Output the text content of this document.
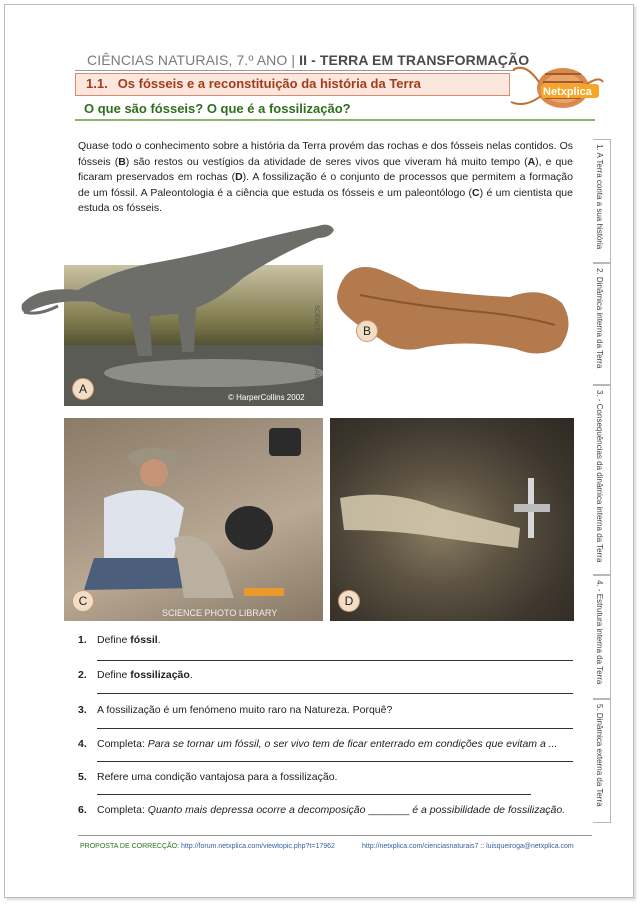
CIÊNCIAS NATURAIS, 7.º ANO | II - TERRA EM TRANSFORMAÇÃO
1.1. Os fósseis e a reconstituição da história da Terra
O que são fósseis? O que é a fossilização?
Netxplica
Quase todo o conhecimento sobre a história da Terra provém das rochas e dos fósseis nelas contidos. Os fósseis (B) são restos ou vestígios da atividade de seres vivos que viveram há muito tempo (A), e que ficaram preservados em rochas (D). A fossilização é o conjunto de processos que permitem a formação de um fóssil. A Paleontologia é a ciência que estuda os fósseis e um paleontólogo (C) é um cientista que estuda os fósseis.
A
© HarperCollins 2002
SCIENCE PHOTO LIBRARY	B
C
SCIENCE PHOTO LIBRARY
D
1. A Terra conta a sua história
2. Dinâmica interna da Terra
3. - Consequências da dinâmica interna da Terra
4. - Estrutura interna da Terra
5. Dinâmica externa da Terra
1. Define fóssil.
2. Define fossilização.
3. A fossilização é um fenómeno muito raro na Natureza. Porquê?
4. Completa: Para se tornar um fóssil, o ser vivo tem de ficar enterrado em condições que evitam a ...
5. Refere uma condição vantajosa para a fossilização.
6. Completa: Quanto mais depressa ocorre a decomposição _______ é a possibilidade de fossilização.
PROPOSTA DE CORRECÇÃO: http://forum.netxplica.com/viewtopic.php?t=17962	http://netxplica.com/cienciasnaturais7 :: luisqueiroga@netxplica.com
